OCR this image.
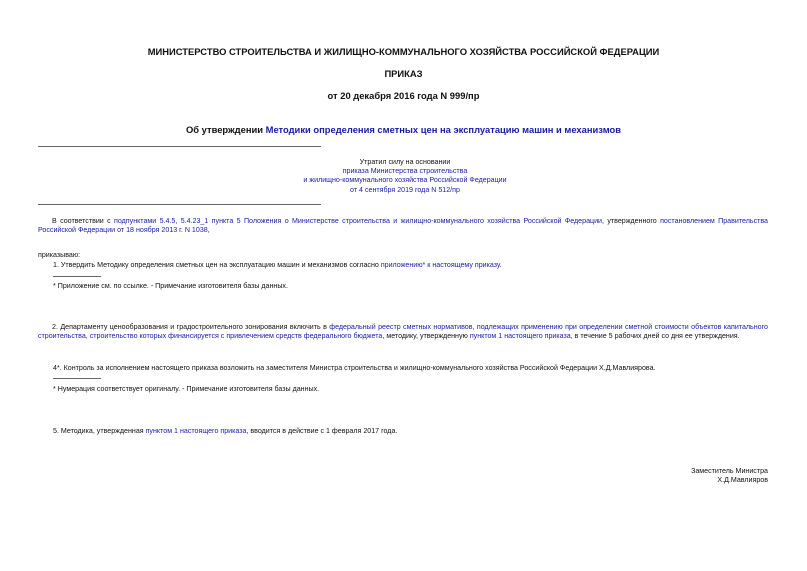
МИНИСТЕРСТВО СТРОИТЕЛЬСТВА И ЖИЛИЩНО-КОММУНАЛЬНОГО ХОЗЯЙСТВА РОССИЙСКОЙ ФЕДЕРАЦИИ
ПРИКАЗ
от 20 декабря 2016 года N 999/пр
Об утверждении Методики определения сметных цен на эксплуатацию машин и механизмов
Утратил силу на основании
приказа Министерства строительства
и жилищно-коммунального хозяйства Российской Федерации
от 4 сентября 2019 года N 512/пр
В соответствии с подпунктами 5.4.5, 5.4.23_1 пункта 5 Положения о Министерстве строительства и жилищно-коммунального хозяйства Российской Федерации, утвержденного постановлением Правительства Российской Федерации от 18 ноября 2013 г. N 1038,
приказываю:
1. Утвердить Методику определения сметных цен на эксплуатацию машин и механизмов согласно приложению* к настоящему приказу.
* Приложение см. по ссылке. - Примечание изготовителя базы данных.
2. Департаменту ценообразования и градостроительного зонирования включить в федеральный реестр сметных нормативов, подлежащих применению при определении сметной стоимости объектов капитального строительства, строительство которых финансируется с привлечением средств федерального бюджета, методику, утвержденную пунктом 1 настоящего приказа, в течение 5 рабочих дней со дня ее утверждения.
4*. Контроль за исполнением настоящего приказа возложить на заместителя Министра строительства и жилищно-коммунального хозяйства Российской Федерации Х.Д.Мавлиярова.
* Нумерация соответствует оригиналу. - Примечание изготовителя базы данных.
5. Методика, утвержденная пунктом 1 настоящего приказа, вводится в действие с 1 февраля 2017 года.
Заместитель Министра
Х.Д.Мавлияров
